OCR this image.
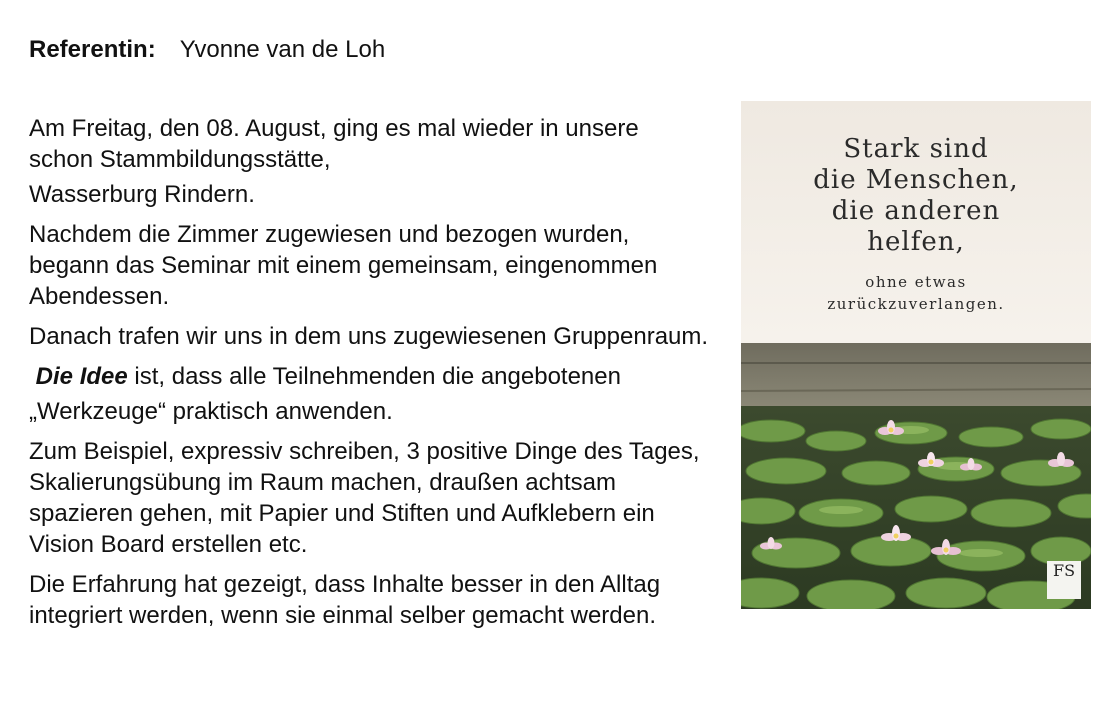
Referentin: Yvonne van de Loh

Am Freitag, den 08. August, ging es mal wieder in unsere schon Stammbildungsstätte,

Wasserburg Rindern.

Nachdem die Zimmer zugewiesen und bezogen wurden, begann das Seminar mit einem gemeinsam, eingenommen Abendessen.

Danach trafen wir uns in dem uns zugewiesenen Gruppenraum.

Die Idee ist, dass alle Teilnehmenden die angebotenen

„Werkzeuge“ praktisch anwenden.

Zum Beispiel, expressiv schreiben, 3 positive Dinge des Tages, Skalierungsübung im Raum machen, draußen achtsam spazieren gehen, mit Papier und Stiften und Aufklebern ein Vision Board erstellen etc.

Die Erfahrung hat gezeigt, dass Inhalte besser in den Alltag integriert werden, wenn sie einmal selber gemacht werden.

Stark sind
die Menschen,
die anderen
helfen,
ohne etwas
zurückzuverlangen.
FS
